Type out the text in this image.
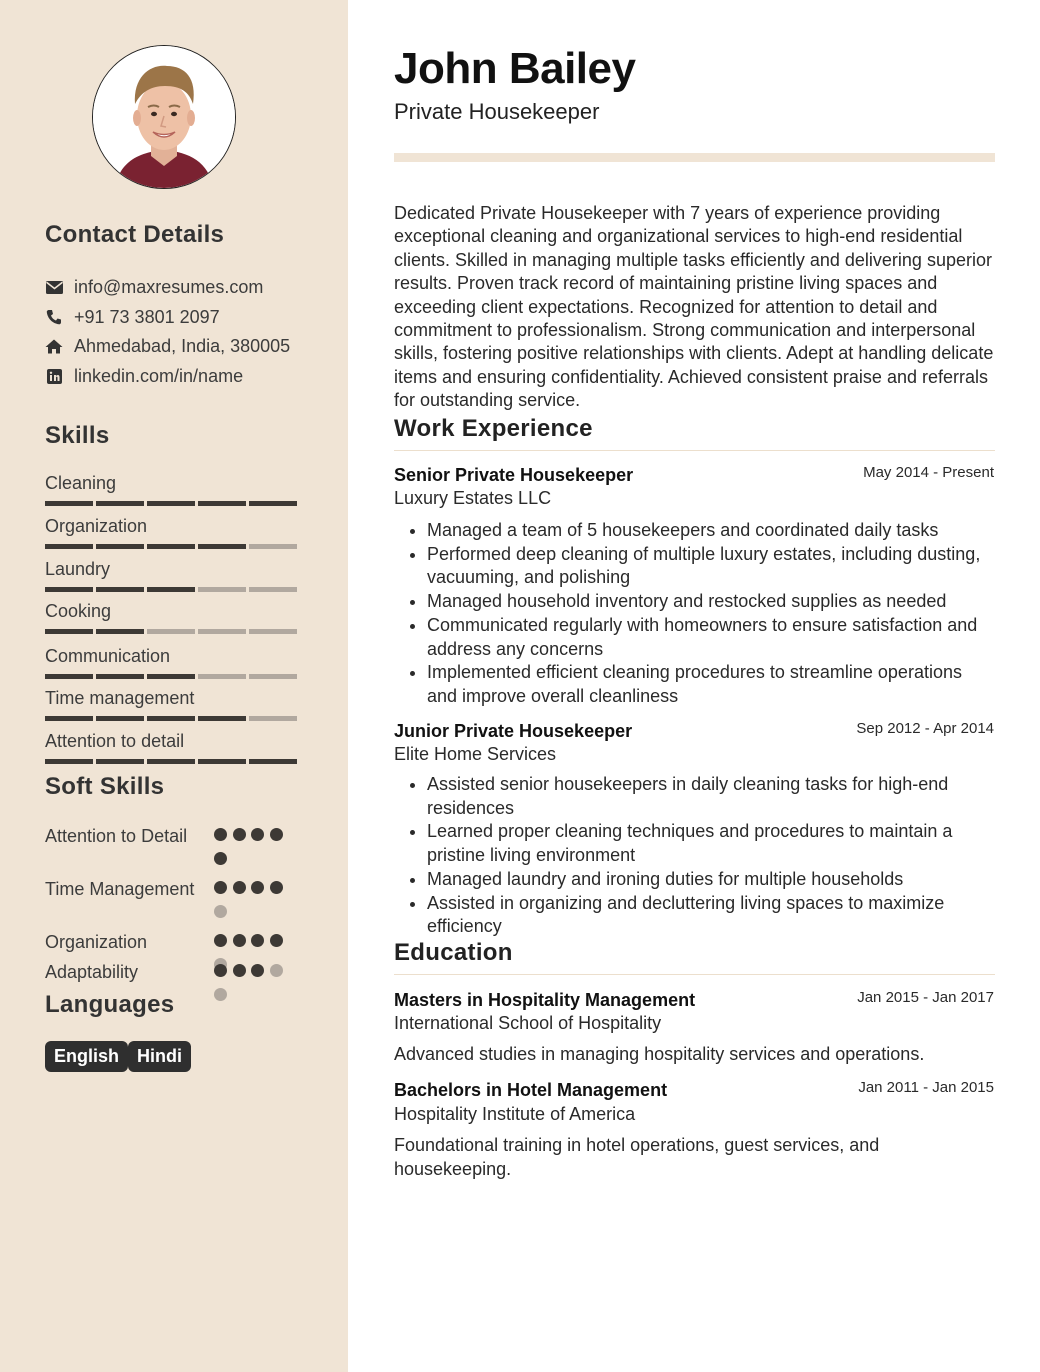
Contact Details
info@maxresumes.com
+91 73 3801 2097
Ahmedabad, India, 380005
linkedin.com/in/name
Skills
Cleaning
Organization
Laundry
Cooking
Communication
Time management
Attention to detail
Soft Skills
Attention to Detail
Time Management
Organization
Adaptability
Languages
English Hindi
John Bailey
Private Housekeeper

Dedicated Private Housekeeper with 7 years of experience providing exceptional cleaning and organizational services to high-end residential clients. Skilled in managing multiple tasks efficiently and delivering superior results. Proven track record of maintaining pristine living spaces and exceeding client expectations. Recognized for attention to detail and commitment to professionalism. Strong communication and interpersonal skills, fostering positive relationships with clients. Adept at handling delicate items and ensuring confidentiality. Achieved consistent praise and referrals for outstanding service.

Work Experience
Senior Private Housekeeper	May 2014 - Present
Luxury Estates LLC
• Managed a team of 5 housekeepers and coordinated daily tasks
• Performed deep cleaning of multiple luxury estates, including dusting, vacuuming, and polishing
• Managed household inventory and restocked supplies as needed
• Communicated regularly with homeowners to ensure satisfaction and address any concerns
• Implemented efficient cleaning procedures to streamline operations and improve overall cleanliness
Junior Private Housekeeper	Sep 2012 - Apr 2014
Elite Home Services
• Assisted senior housekeepers in daily cleaning tasks for high-end residences
• Learned proper cleaning techniques and procedures to maintain a pristine living environment
• Managed laundry and ironing duties for multiple households
• Assisted in organizing and decluttering living spaces to maximize efficiency
Education
Masters in Hospitality Management	Jan 2015 - Jan 2017
International School of Hospitality

Advanced studies in managing hospitality services and operations.

Bachelors in Hotel Management	Jan 2011 - Jan 2015
Hospitality Institute of America

Foundational training in hotel operations, guest services, and housekeeping.
